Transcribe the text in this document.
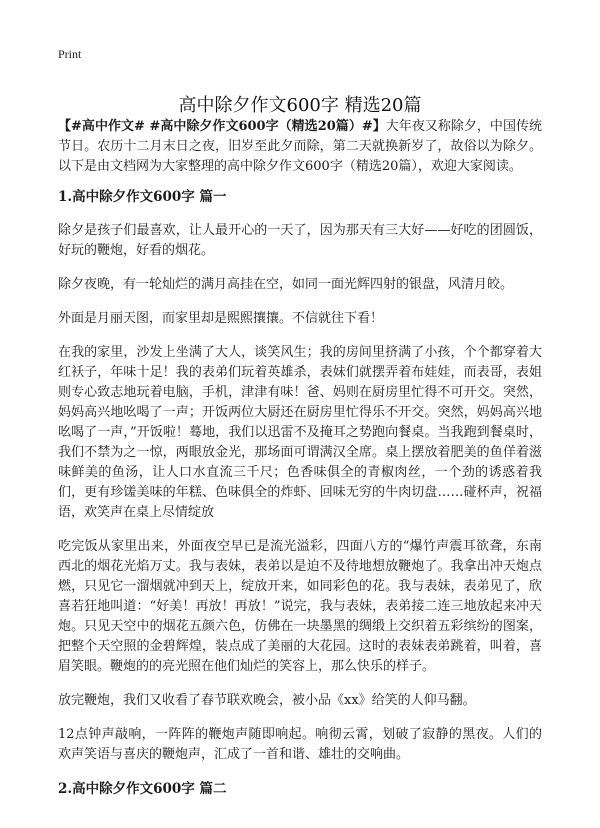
Print
高中除夕作文600字 精选20篇

【#高中作文# #高中除夕作文600字（精选20篇）#】大年夜又称除夕，中国传统节日。农历十二月末日之夜，旧岁至此夕而除，第二天就换新岁了，故俗以为除夕。以下是由文档网为大家整理的高中除夕作文600字（精选20篇），欢迎大家阅读。

1.高中除夕作文600字 篇一

除夕是孩子们最喜欢，让人最开心的一天了，因为那天有三大好——好吃的团圆饭，好玩的鞭炮，好看的烟花。

除夕夜晚，有一轮灿烂的满月高挂在空，如同一面光辉四射的银盘，风清月皎。

外面是月丽天图，而家里却是熙熙攘攘。不信就往下看！

在我的家里，沙发上坐满了大人，谈笑风生；我的房间里挤满了小孩，个个都穿着大红袄子，年味十足！我的表弟们玩着英雄杀，表妹们就摆弄着布娃娃，而表哥，表姐则专心致志地玩着电脑，手机，津津有味！爸、妈则在厨房里忙得不可开交。突然，妈妈高兴地吆喝了一声；开饭两位大厨还在厨房里忙得乐不开交。突然，妈妈高兴地吆喝了一声，”开饭啦！蓦地，我们以迅雷不及掩耳之势跑向餐桌。当我跑到餐桌时，我们不禁为之一惊，两眼放金光，那场面可谓满汉全席。桌上摆放着肥美的鱼佯着滋味鲜美的鱼汤，让人口水直流三千尺；色香味俱全的青椒肉丝，一个劲的诱惑着我们，更有珍馐美味的年糕、色味俱全的炸虾、回味无穷的牛肉切盘……碰杯声，祝福语，欢笑声在桌上尽情绽放

吃完饭从家里出来，外面夜空早已是流光溢彩，四面八方的“爆竹声震耳欲聋，东南西北的烟花光焰万丈。我与表妹，表弟以是迫不及待地想放鞭炮了。我拿出冲天炮点燃，只见它一溜烟就冲到天上，绽放开来，如同彩色的花。我与表妹，表弟见了，欣喜若狂地叫道：“好美！再放！再放！”说完，我与表妹，表弟接二连三地放起来冲天炮。只见天空中的烟花五颜六色，仿佛在一块墨黑的绸缎上交织着五彩缤纷的图案，把整个天空照的金碧辉煌，装点成了美丽的大花园。这时的表妹表弟跳着，叫着，喜眉笑眼。鞭炮的的亮光照在他们灿烂的笑容上，那么快乐的样子。

放完鞭炮，我们又收看了春节联欢晚会，被小品《xx》给笑的人仰马翻。

12点钟声敲响，一阵阵的鞭炮声随即响起。响彻云霄，划破了寂静的黑夜。人们的欢声笑语与喜庆的鞭炮声，汇成了一首和谐、雄壮的交响曲。

2.高中除夕作文600字 篇二
